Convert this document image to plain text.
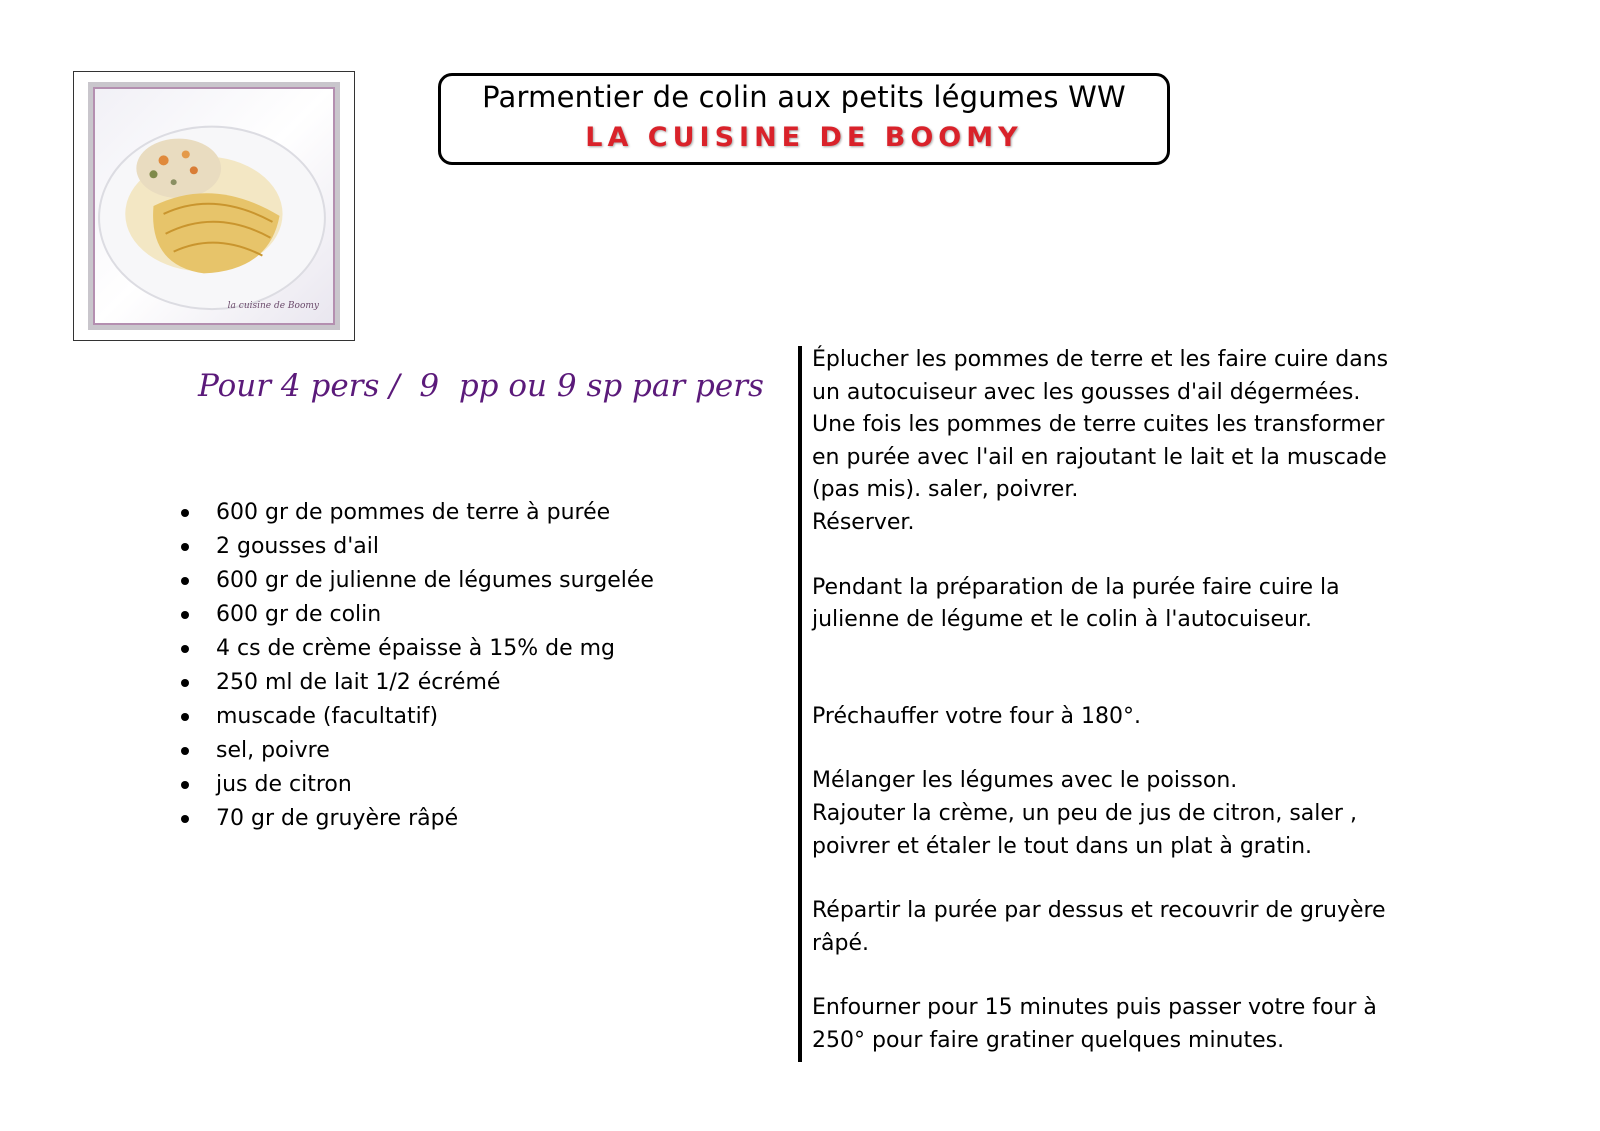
la cuisine de Boomy
Parmentier de colin aux petits légumes WW
LA CUISINE DE BOOMY
Pour 4 pers /  9  pp ou 9 sp par pers
600 gr de pommes de terre à purée
2 gousses d'ail
600 gr de julienne de légumes surgelée
600 gr de colin
4 cs de crème épaisse à 15% de mg
250 ml de lait 1/2 écrémé
muscade (facultatif)
sel, poivre
jus de citron
70 gr de gruyère râpé

Éplucher les pommes de terre et les faire cuire dans

un autocuiseur avec les gousses d'ail dégermées.

Une fois les pommes de terre cuites les transformer

en purée avec l'ail en rajoutant le lait et la muscade

(pas mis). saler, poivrer.

Réserver.

Pendant la préparation de la purée faire cuire la

julienne de légume et le colin à l'autocuiseur.

Préchauffer votre four à 180°.

Mélanger les légumes avec le poisson.

Rajouter la crème, un peu de jus de citron, saler ,

poivrer et étaler le tout dans un plat à gratin.

Répartir la purée par dessus et recouvrir de gruyère

râpé.

Enfourner pour 15 minutes puis passer votre four à

250° pour faire gratiner quelques minutes.
